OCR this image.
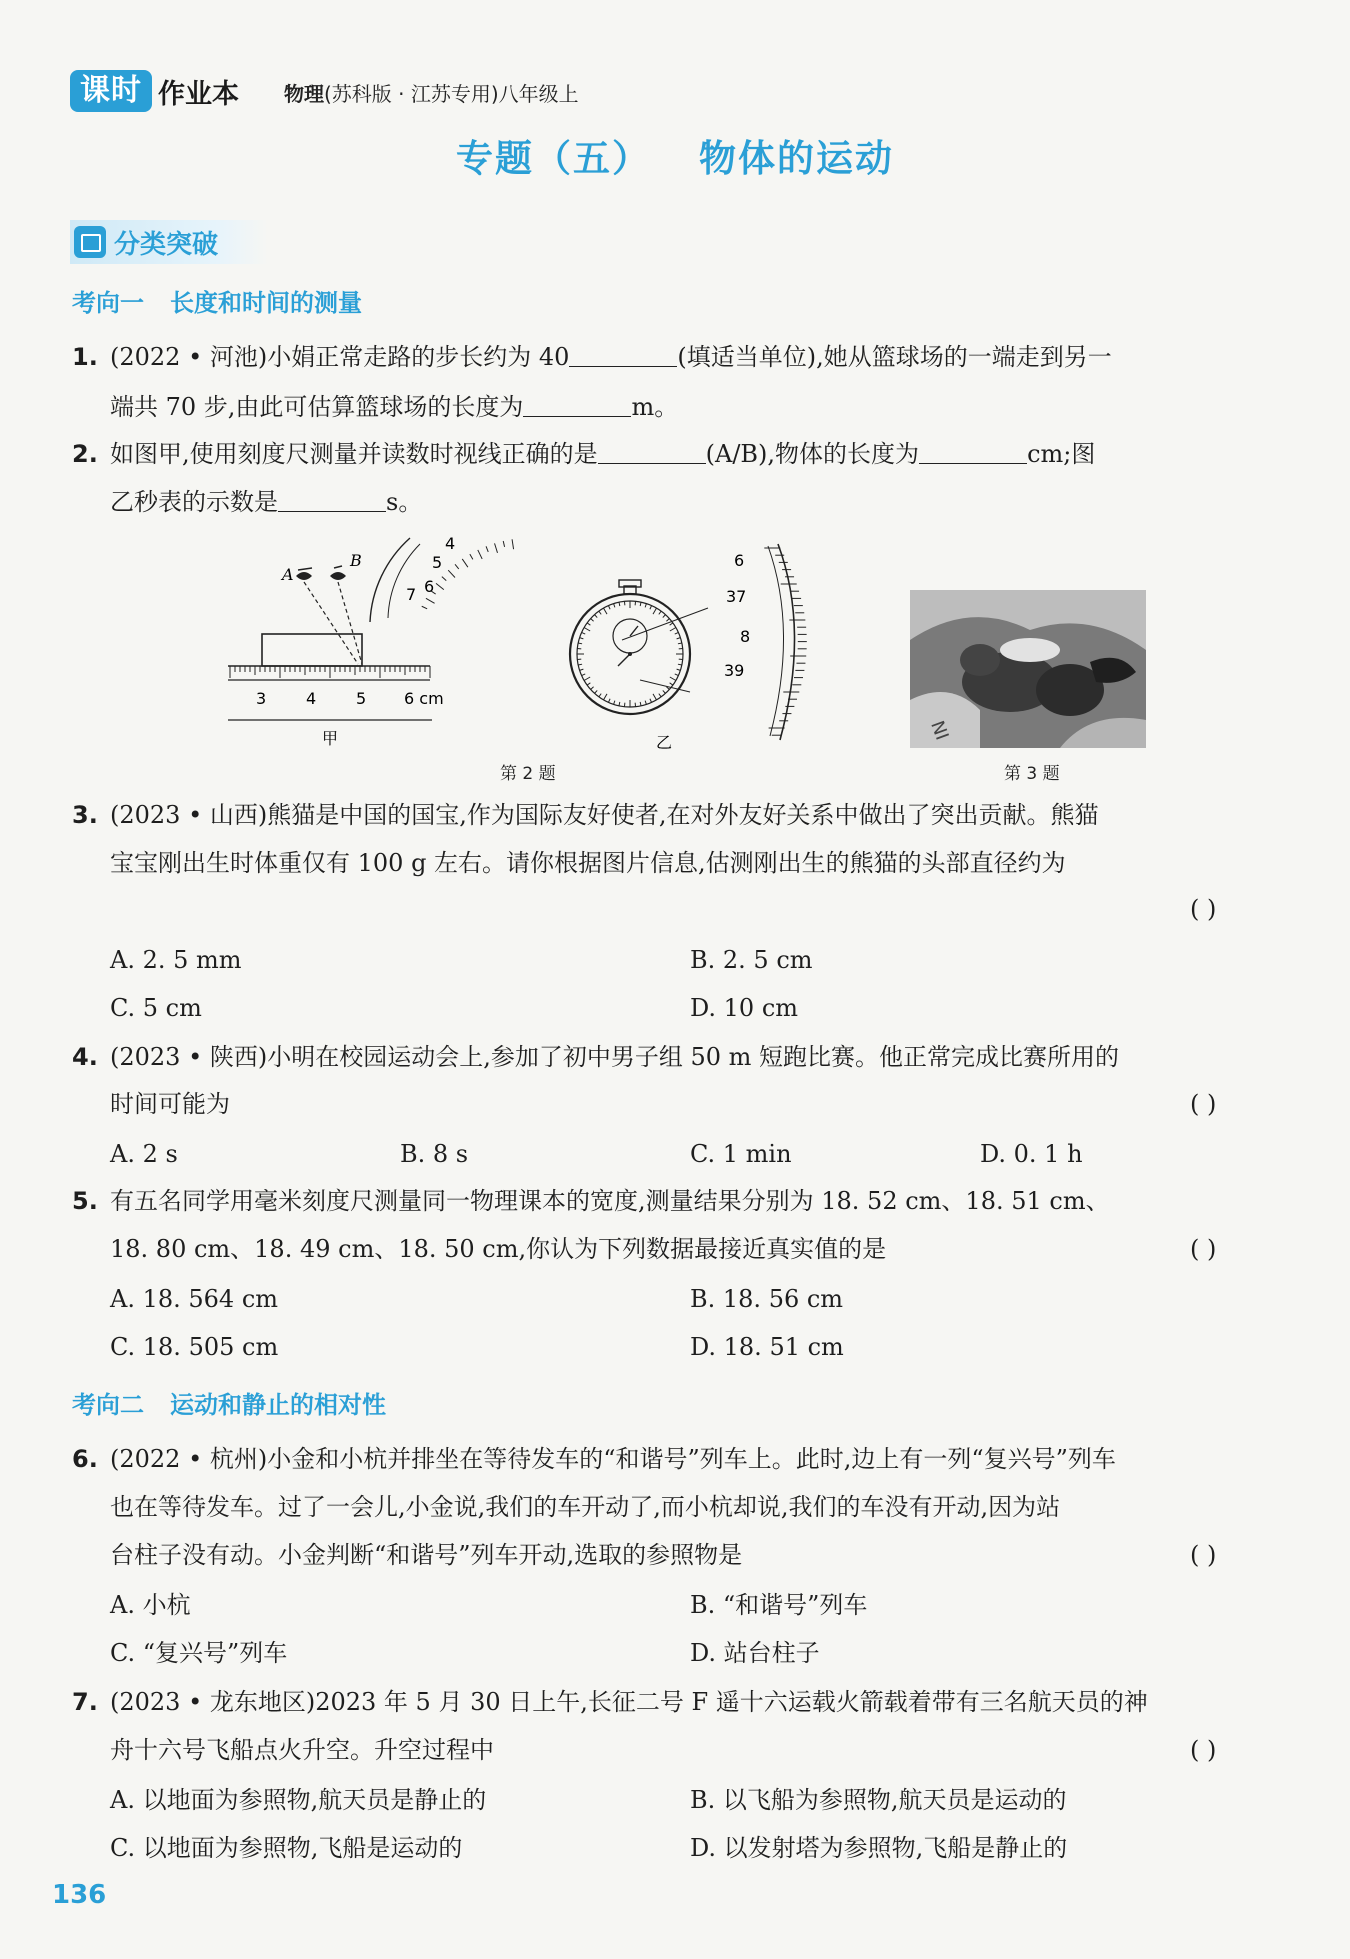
课时 作业本 物理(苏科版 · 江苏专用)八年级上
专题（五） 物体的运动
分类突破
考向一 长度和时间的测量
1. (2022 • 河池)小娟正常走路的步长约为 40	(填适当单位),她从篮球场的一端走到另一
端共 70 步,由此可估算篮球场的长度为	m。
2. 如图甲,使用刻度尺测量并读数时视线正确的是	(A/B),物体的长度为	cm;图
乙秒表的示数是	s。
3 4 5 6 cm
甲
A
B
4
5
6
7
6
37
8
39
乙
第 2 题
NI
第 3 题
3. (2023 • 山西)熊猫是中国的国宝,作为国际友好使者,在对外友好关系中做出了突出贡献。熊猫
宝宝刚出生时体重仅有 100 g 左右。请你根据图片信息,估测刚出生的熊猫的头部直径约为
( )
A. 2. 5 mm	B. 2. 5 cm
C. 5 cm	D. 10 cm
4. (2023 • 陕西)小明在校园运动会上,参加了初中男子组 50 m 短跑比赛。他正常完成比赛所用的
时间可能为	( )
A. 2 s	B. 8 s	C. 1 min	D. 0. 1 h
5. 有五名同学用毫米刻度尺测量同一物理课本的宽度,测量结果分别为 18. 52 cm、18. 51 cm、
18. 80 cm、18. 49 cm、18. 50 cm,你认为下列数据最接近真实值的是	( )
A. 18. 564 cm	B. 18. 56 cm
C. 18. 505 cm	D. 18. 51 cm
考向二 运动和静止的相对性
6. (2022 • 杭州)小金和小杭并排坐在等待发车的“和谐号”列车上。此时,边上有一列“复兴号”列车
也在等待发车。过了一会儿,小金说,我们的车开动了,而小杭却说,我们的车没有开动,因为站
台柱子没有动。小金判断“和谐号”列车开动,选取的参照物是	( )
A. 小杭	B. “和谐号”列车
C. “复兴号”列车	D. 站台柱子
7. (2023 • 龙东地区)2023 年 5 月 30 日上午,长征二号 F 遥十六运载火箭载着带有三名航天员的神
舟十六号飞船点火升空。升空过程中	( )
A. 以地面为参照物,航天员是静止的	B. 以飞船为参照物,航天员是运动的
C. 以地面为参照物,飞船是运动的	D. 以发射塔为参照物,飞船是静止的
136
